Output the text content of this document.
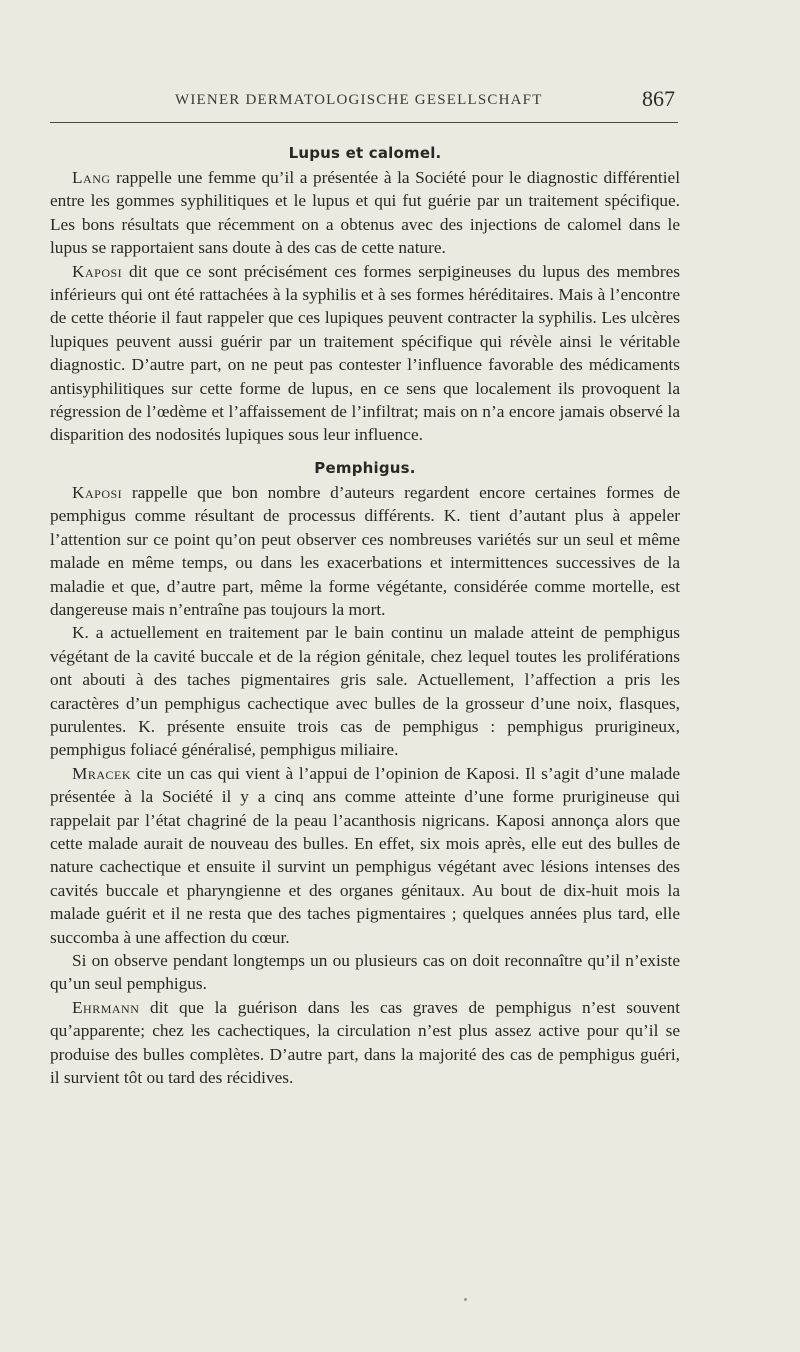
WIENER DERMATOLOGISCHE GESELLSCHAFT	867
Lupus et calomel.

Lang rappelle une femme qu’il a présentée à la Société pour le diagnostic différentiel entre les gommes syphilitiques et le lupus et qui fut guérie par un traitement spécifique. Les bons résultats que récemment on a obtenus avec des injections de calomel dans le lupus se rapportaient sans doute à des cas de cette nature.

Kaposi dit que ce sont précisément ces formes serpigineuses du lupus des membres inférieurs qui ont été rattachées à la syphilis et à ses formes héréditaires. Mais à l’encontre de cette théorie il faut rappeler que ces lupiques peuvent contracter la syphilis. Les ulcères lupiques peuvent aussi guérir par un traitement spécifique qui révèle ainsi le véritable diagnostic. D’autre part, on ne peut pas contester l’influence favorable des médicaments antisyphilitiques sur cette forme de lupus, en ce sens que localement ils provoquent la régression de l’œdème et l’affaissement de l’infiltrat; mais on n’a encore jamais observé la disparition des nodosités lupiques sous leur influence.

Pemphigus.

Kaposi rappelle que bon nombre d’auteurs regardent encore certaines formes de pemphigus comme résultant de processus différents. K. tient d’autant plus à appeler l’attention sur ce point qu’on peut observer ces nombreuses variétés sur un seul et même malade en même temps, ou dans les exacerbations et intermittences successives de la maladie et que, d’autre part, même la forme végétante, considérée comme mortelle, est dangereuse mais n’entraîne pas toujours la mort.

K. a actuellement en traitement par le bain continu un malade atteint de pemphigus végétant de la cavité buccale et de la région génitale, chez lequel toutes les proliférations ont abouti à des taches pigmentaires gris sale. Actuellement, l’affection a pris les caractères d’un pemphigus cachectique avec bulles de la grosseur d’une noix, flasques, purulentes. K. présente ensuite trois cas de pemphigus : pemphigus prurigineux, pemphigus foliacé généralisé, pemphigus miliaire.

Mracek cite un cas qui vient à l’appui de l’opinion de Kaposi. Il s’agit d’une malade présentée à la Société il y a cinq ans comme atteinte d’une forme prurigineuse qui rappelait par l’état chagriné de la peau l’acanthosis nigricans. Kaposi annonça alors que cette malade aurait de nouveau des bulles. En effet, six mois après, elle eut des bulles de nature cachectique et ensuite il survint un pemphigus végétant avec lésions intenses des cavités buccale et pharyngienne et des organes génitaux. Au bout de dix-huit mois la malade guérit et il ne resta que des taches pigmentaires ; quelques années plus tard, elle succomba à une affection du cœur.

Si on observe pendant longtemps un ou plusieurs cas on doit reconnaître qu’il n’existe qu’un seul pemphigus.

Ehrmann dit que la guérison dans les cas graves de pemphigus n’est souvent qu’apparente; chez les cachectiques, la circulation n’est plus assez active pour qu’il se produise des bulles complètes. D’autre part, dans la majorité des cas de pemphigus guéri, il survient tôt ou tard des récidives.
